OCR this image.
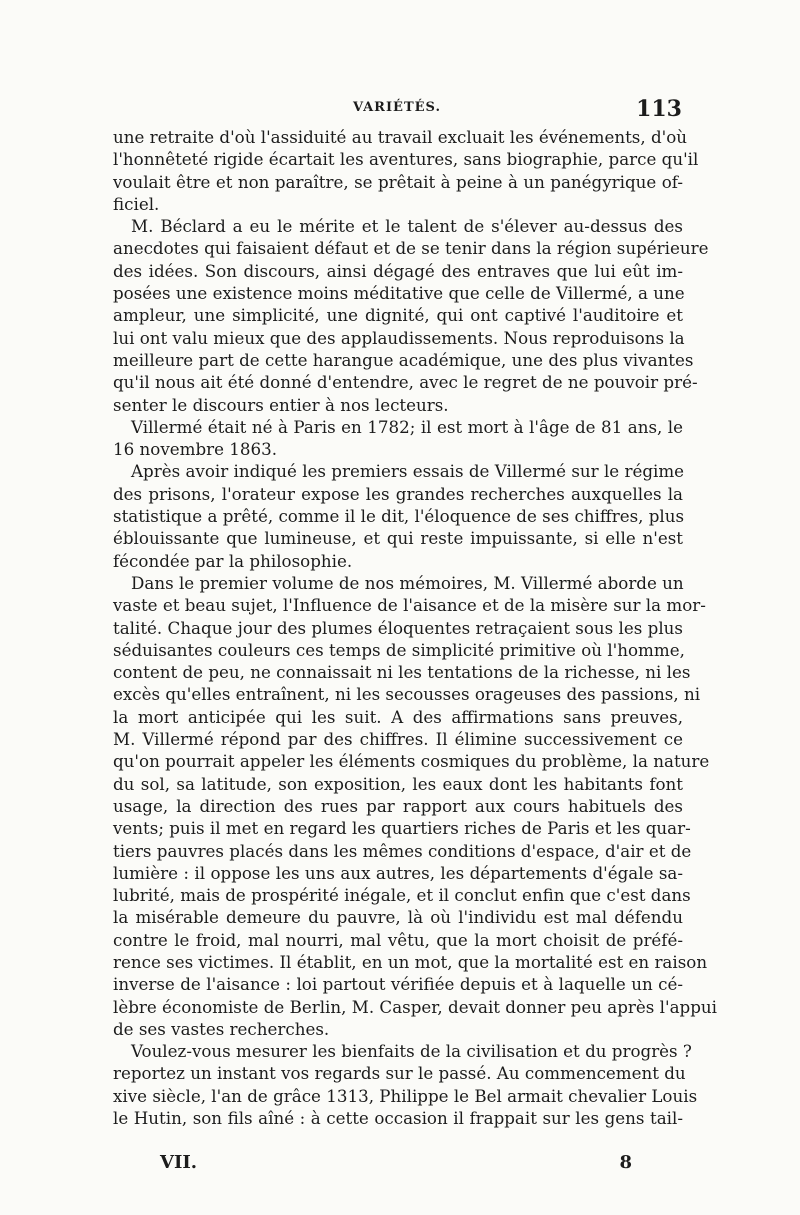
VARIÉTÉS.	113
une retraite d'où l'assiduité au travail excluait les événements, d'où
l'honnêteté rigide écartait les aventures, sans biographie, parce qu'il
voulait être et non paraître, se prêtait à peine à un panégyrique of-
ficiel.
M. Béclard a eu le mérite et le talent de s'élever au-dessus des
anecdotes qui faisaient défaut et de se tenir dans la région supérieure
des idées. Son discours, ainsi dégagé des entraves que lui eût im-
posées une existence moins méditative que celle de Villermé, a une
ampleur, une simplicité, une dignité, qui ont captivé l'auditoire et
lui ont valu mieux que des applaudissements. Nous reproduisons la
meilleure part de cette harangue académique, une des plus vivantes
qu'il nous ait été donné d'entendre, avec le regret de ne pouvoir pré-
senter le discours entier à nos lecteurs.
Villermé était né à Paris en 1782; il est mort à l'âge de 81 ans, le
16 novembre 1863.
Après avoir indiqué les premiers essais de Villermé sur le régime
des prisons, l'orateur expose les grandes recherches auxquelles la
statistique a prêté, comme il le dit, l'éloquence de ses chiffres, plus
éblouissante que lumineuse, et qui reste impuissante, si elle n'est
fécondée par la philosophie.
Dans le premier volume de nos mémoires, M. Villermé aborde un
vaste et beau sujet, l'Influence de l'aisance et de la misère sur la mor-
talité. Chaque jour des plumes éloquentes retraçaient sous les plus
séduisantes couleurs ces temps de simplicité primitive où l'homme,
content de peu, ne connaissait ni les tentations de la richesse, ni les
excès qu'elles entraînent, ni les secousses orageuses des passions, ni
la mort anticipée qui les suit. A des affirmations sans preuves,
M. Villermé répond par des chiffres. Il élimine successivement ce
qu'on pourrait appeler les éléments cosmiques du problème, la nature
du sol, sa latitude, son exposition, les eaux dont les habitants font
usage, la direction des rues par rapport aux cours habituels des
vents; puis il met en regard les quartiers riches de Paris et les quar-
tiers pauvres placés dans les mêmes conditions d'espace, d'air et de
lumière : il oppose les uns aux autres, les départements d'égale sa-
lubrité, mais de prospérité inégale, et il conclut enfin que c'est dans
la misérable demeure du pauvre, là où l'individu est mal défendu
contre le froid, mal nourri, mal vêtu, que la mort choisit de préfé-
rence ses victimes. Il établit, en un mot, que la mortalité est en raison
inverse de l'aisance : loi partout vérifiée depuis et à laquelle un cé-
lèbre économiste de Berlin, M. Casper, devait donner peu après l'appui
de ses vastes recherches.
Voulez-vous mesurer les bienfaits de la civilisation et du progrès ?
reportez un instant vos regards sur le passé. Au commencement du
xive siècle, l'an de grâce 1313, Philippe le Bel armait chevalier Louis
le Hutin, son fils aîné : à cette occasion il frappait sur les gens tail-
VII.	8
